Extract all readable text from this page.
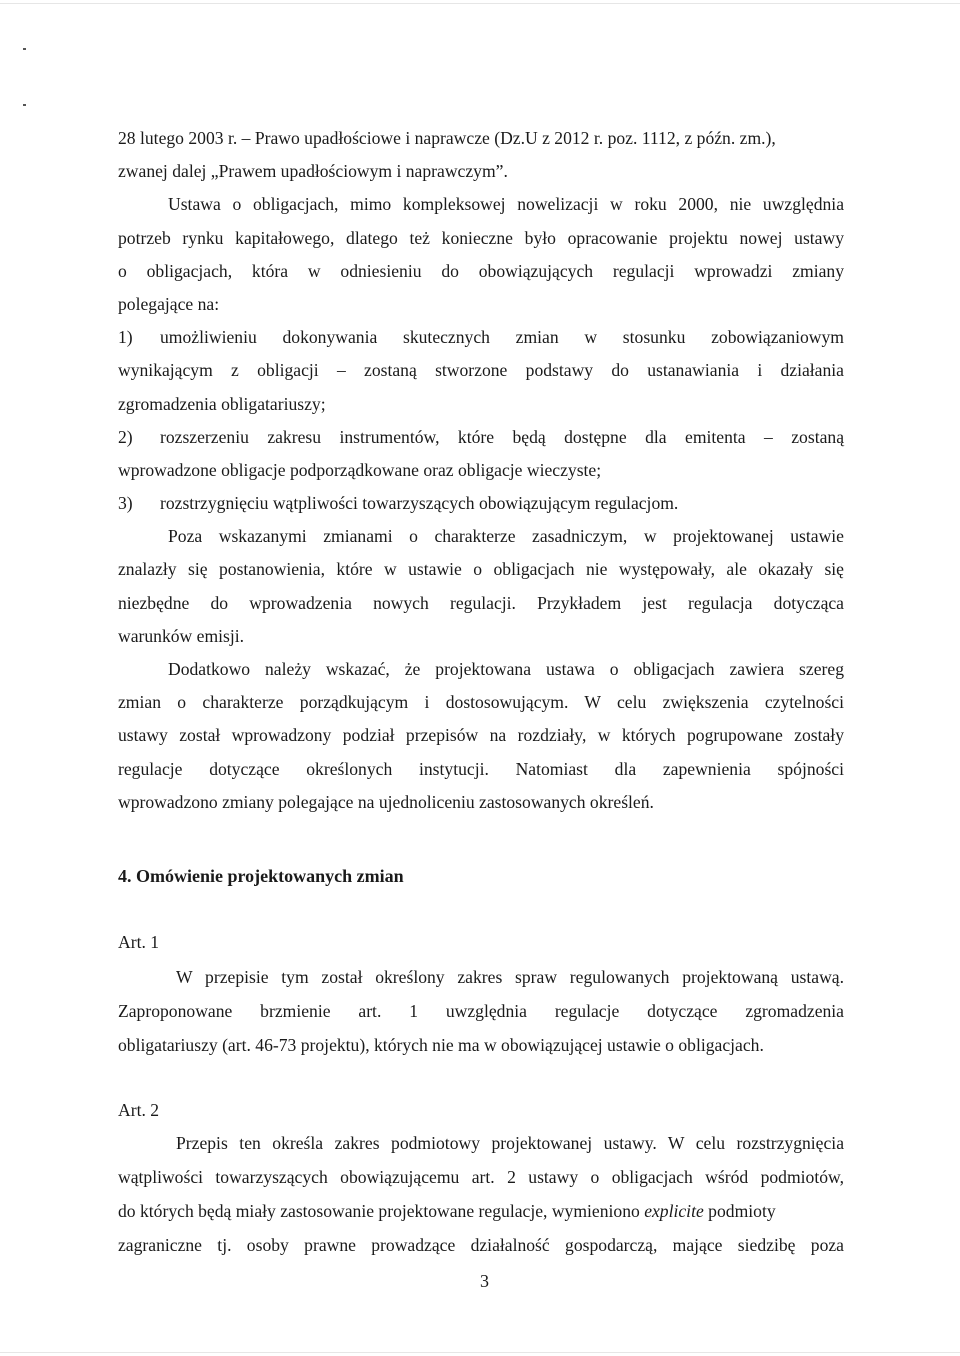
28 lutego 2003 r. – Prawo upadłościowe i naprawcze (Dz.U z 2012 r. poz. 1112, z późn. zm.),
zwanej dalej „Prawem upadłościowym i naprawczym”.
Ustawa o obligacjach, mimo kompleksowej nowelizacji w roku 2000, nie uwzględnia
potrzeb rynku kapitałowego, dlatego też konieczne było opracowanie projektu nowej ustawy
o obligacjach, która w odniesieniu do obowiązujących regulacji wprowadzi zmiany
polegające na:
1) umożliwieniu dokonywania skutecznych zmian w stosunku zobowiązaniowym
wynikającym z obligacji – zostaną stworzone podstawy do ustanawiania i działania
zgromadzenia obligatariuszy;
2) rozszerzeniu zakresu instrumentów, które będą dostępne dla emitenta – zostaną
wprowadzone obligacje podporządkowane oraz obligacje wieczyste;
3) rozstrzygnięciu wątpliwości towarzyszących obowiązującym regulacjom.
Poza wskazanymi zmianami o charakterze zasadniczym, w projektowanej ustawie
znalazły się postanowienia, które w ustawie o obligacjach nie występowały, ale okazały się
niezbędne do wprowadzenia nowych regulacji. Przykładem jest regulacja dotycząca
warunków emisji.
Dodatkowo należy wskazać, że projektowana ustawa o obligacjach zawiera szereg
zmian o charakterze porządkującym i dostosowującym. W celu zwiększenia czytelności
ustawy został wprowadzony podział przepisów na rozdziały, w których pogrupowane zostały
regulacje dotyczące określonych instytucji. Natomiast dla zapewnienia spójności
wprowadzono zmiany polegające na ujednoliceniu zastosowanych określeń.
4. Omówienie projektowanych zmian
Art. 1
W przepisie tym został określony zakres spraw regulowanych projektowaną ustawą.
Zaproponowane brzmienie art. 1 uwzględnia regulacje dotyczące zgromadzenia
obligatariuszy (art. 46-73 projektu), których nie ma w obowiązującej ustawie o obligacjach.
Art. 2
Przepis ten określa zakres podmiotowy projektowanej ustawy. W celu rozstrzygnięcia
wątpliwości towarzyszących obowiązującemu art. 2 ustawy o obligacjach wśród podmiotów,
do których będą miały zastosowanie projektowane regulacje, wymieniono explicite podmioty
zagraniczne tj. osoby prawne prowadzące działalność gospodarczą, mające siedzibę poza
3
